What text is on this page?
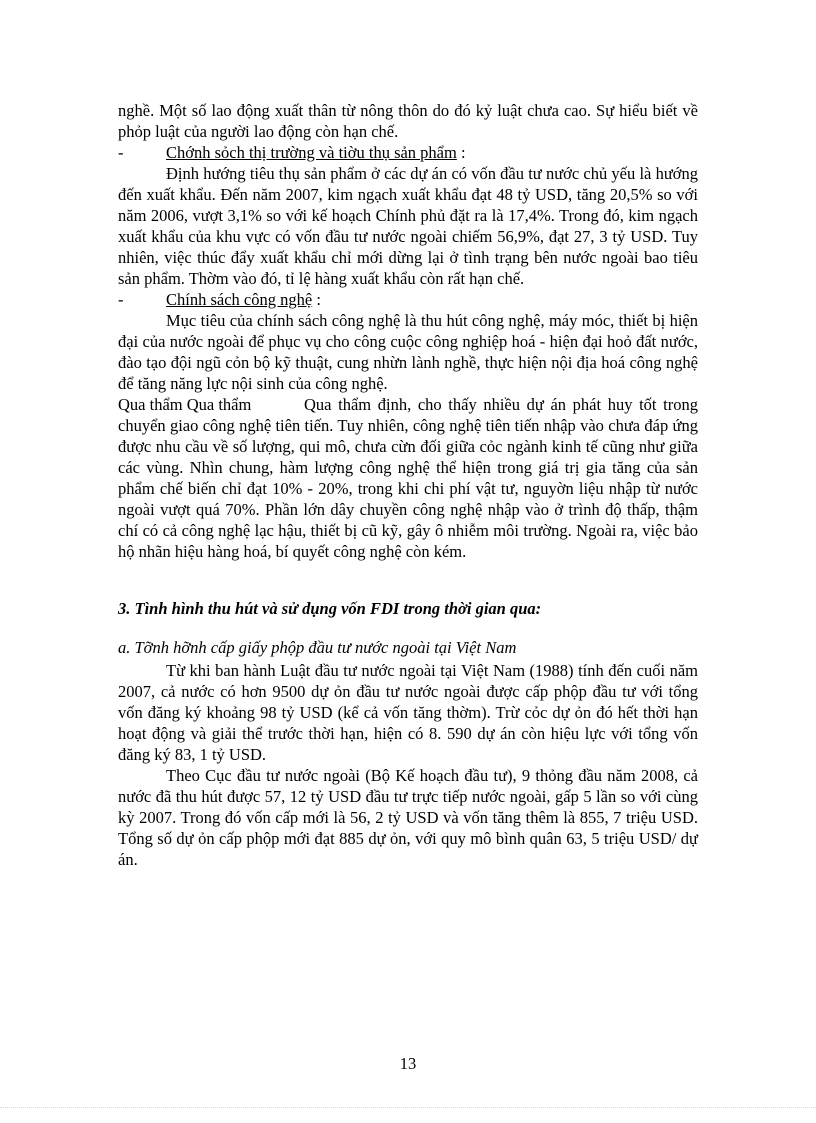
nghề. Một số lao động xuất thân từ nông thôn do đó kỷ luật chưa cao. Sự hiểu biết về phỏp luật của người lao động còn hạn chế.

-	Chớnh sỏch thị trường và tiờu thụ sản phẩm :

Định hướng tiêu thụ sản phẩm ở các dự án có vốn đầu tư nước chủ yếu là hướng đến xuất khẩu. Đến năm 2007, kim ngạch xuất khẩu đạt 48 tỷ USD, tăng 20,5% so với năm 2006, vượt 3,1% so với kế hoạch Chính phủ đặt ra là 17,4%. Trong đó, kim ngạch xuất khẩu của khu vực có vốn đầu tư nước ngoài chiếm 56,9%, đạt 27, 3 tỷ USD. Tuy nhiên, việc thúc đẩy xuất khẩu chỉ mới dừng lại ở tình trạng bên nước ngoài bao tiêu sản phẩm. Thờm vào đó, tỉ lệ hàng xuất khẩu còn rất hạn chế.

-	Chính sách công nghệ :

Mục tiêu của chính sách công nghệ là thu hút công nghệ, máy móc, thiết bị hiện đại của nước ngoài để phục vụ cho công cuộc công nghiệp hoá - hiện đại hoỏ đất nước, đào tạo đội ngũ cỏn bộ kỹ thuật, cung nhừn lành nghề, thực hiện nội địa hoá công nghệ để tăng năng lực nội sinh của công nghệ.

Qua thẩm Qua thẩm	Qua thẩm định, cho thấy nhiều dự án phát huy tốt trong chuyển giao công nghệ tiên tiến. Tuy nhiên, công nghệ tiên tiến nhập vào chưa đáp ứng được nhu cầu về số lượng, qui mô, chưa cừn đối giữa cỏc ngành kinh tế cũng như giữa các vùng. Nhìn chung, hàm lượng công nghệ thể hiện trong giá trị gia tăng của sản phẩm chế biến chỉ đạt 10% - 20%, trong khi chi phí vật tư, nguyờn liệu nhập từ nước ngoài vượt quá 70%. Phần lớn dây chuyền công nghệ nhập vào ở trình độ thấp, thậm chí có cả công nghệ lạc hậu, thiết bị cũ kỹ, gây ô nhiễm môi trường. Ngoài ra, việc bảo hộ nhãn hiệu hàng hoá, bí quyết công nghệ còn kém.

3. Tình hình thu hút và sử dụng vốn FDI trong thời gian qua:

a. Tỡnh hỡnh cấp giấy phộp đầu tư nước ngoài tại Việt Nam

Từ khi ban hành Luật đầu tư nước ngoài tại Việt Nam (1988) tính đến cuối năm 2007, cả nước có hơn 9500 dự ỏn đầu tư nước ngoài được cấp phộp đầu tư với tổng vốn đăng ký khoảng 98 tỷ USD (kể cả vốn tăng thờm). Trừ cỏc dự ỏn đó hết thời hạn hoạt động và giải thể trước thời hạn, hiện có 8. 590 dự án còn hiệu lực với tổng vốn đăng ký 83, 1 tỷ USD.

Theo Cục đầu tư nước ngoài (Bộ Kế hoạch đầu tư), 9 thỏng đầu năm 2008, cả nước đã thu hút được 57, 12 tỷ USD đầu tư trực tiếp nước ngoài, gấp 5 lần so với cùng kỳ 2007. Trong đó vốn cấp mới là 56, 2 tỷ USD và vốn tăng thêm là 855, 7 triệu USD. Tổng số dự ỏn cấp phộp mới đạt 885 dự ỏn, với quy mô bình quân 63, 5 triệu USD/ dự án.

13
